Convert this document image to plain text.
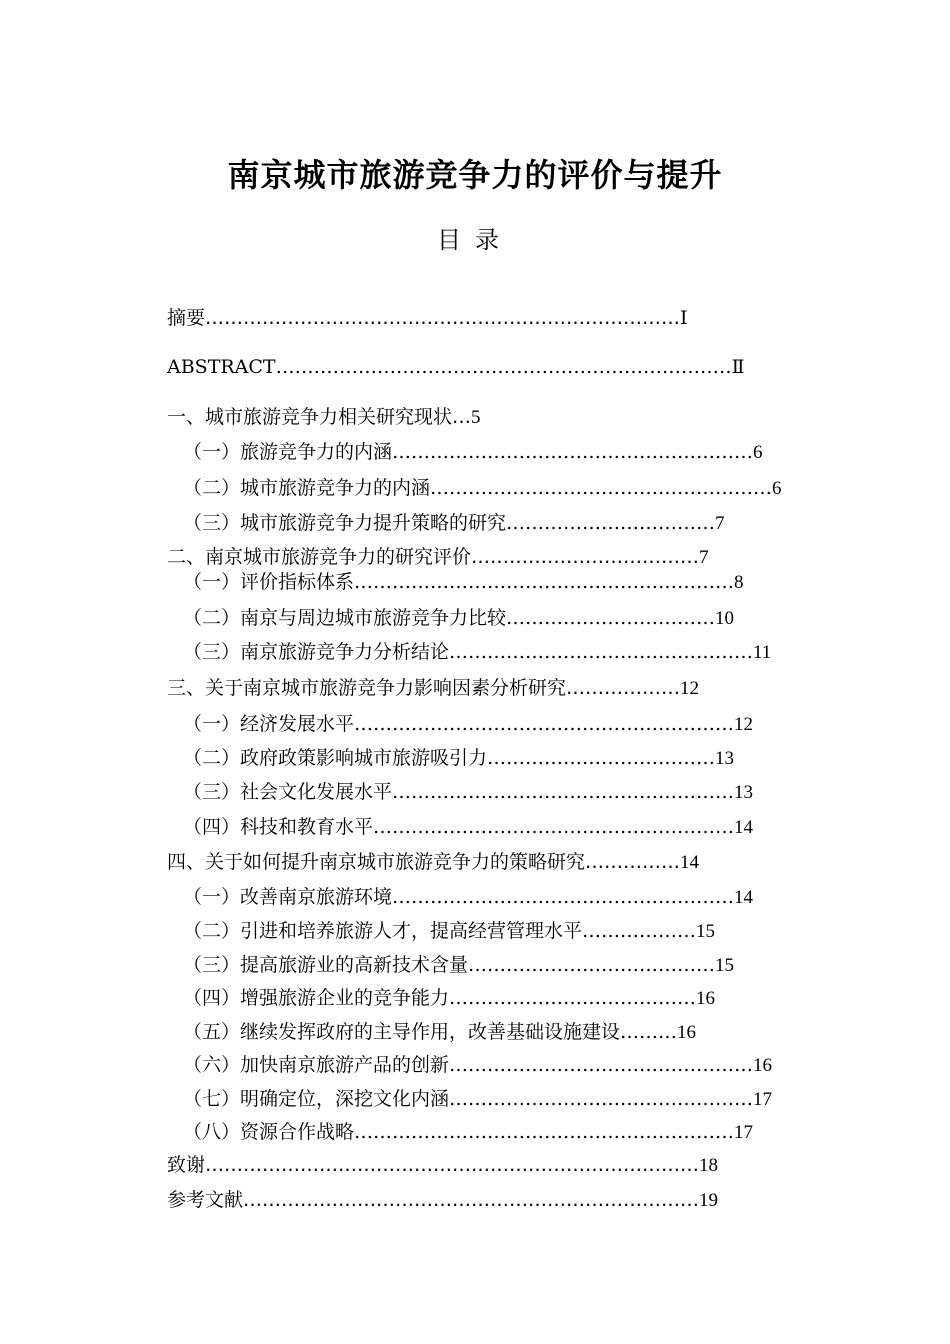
南京城市旅游竞争力的评价与提升
目录
摘要…………………………………………………………………Ⅰ
ABSTRACT………………………………………………………………Ⅱ
一、城市旅游竞争力相关研究现状…5
（一）旅游竞争力的内涵…………………………………………………6
（二）城市旅游竞争力的内涵………………………………………………6
（三）城市旅游竞争力提升策略的研究……………………………7
二、南京城市旅游竞争力的研究评价………………………………7
（一）评价指标体系……………………………………………………8
（二）南京与周边城市旅游竞争力比较……………………………10
（三）南京旅游竞争力分析结论…………………………………………11
三、关于南京城市旅游竞争力影响因素分析研究………………12
（一）经济发展水平……………………………………………………12
（二）政府政策影响城市旅游吸引力………………………………13
（三）社会文化发展水平………………………………………………13
（四）科技和教育水平…………………………………………………14
四、关于如何提升南京城市旅游竞争力的策略研究……………14
（一）改善南京旅游环境………………………………………………14
（二）引进和培养旅游人才，提高经营管理水平………………15
（三）提高旅游业的高新技术含量…………………………………15
（四）增强旅游企业的竞争能力…………………………………16
（五）继续发挥政府的主导作用，改善基础设施建设………16
（六）加快南京旅游产品的创新…………………………………………16
（七）明确定位，深挖文化内涵…………………………………………17
（八）资源合作战略……………………………………………………17
致谢……………………………………………………………………18
参考文献………………………………………………………………19
